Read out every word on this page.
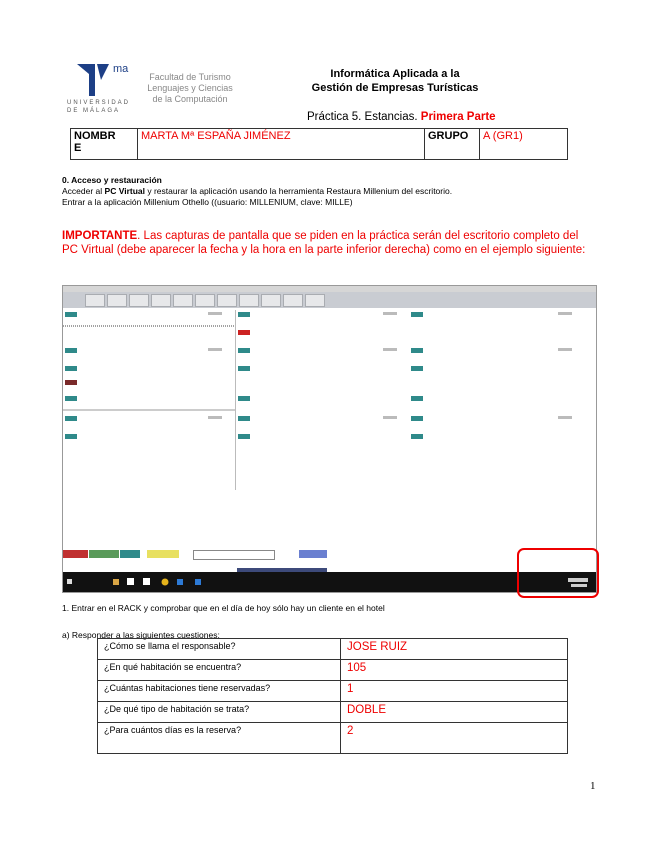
ma
UNIVERSIDAD
DE MÁLAGA
Facultad de Turismo
Lenguajes y Ciencias
de la Computación
Informática Aplicada a la
Gestión de Empresas Turísticas
Práctica 5. Estancias. Primera Parte
NOMBR
E
	MARTA Mª ESPAÑA JIMÉNEZ	GRUPO	A (GR1)
0. Acceso y restauración
Acceder al PC Virtual y restaurar la aplicación usando la herramienta Restaura Millenium del escritorio.
Entrar a la aplicación Millenium Othello ((usuario: MILLENIUM, clave: MILLE)
IMPORTANTE. Las capturas de pantalla que se piden en la práctica serán del escritorio completo del PC Virtual (debe aparecer la fecha y la hora en la parte inferior derecha) como en el ejemplo siguiente:
1. Entrar en el RACK y comprobar que en el día de hoy sólo hay un cliente en el hotel
a) Responder a las siguientes cuestiones:
¿Cómo se llama el responsable?	JOSE RUIZ
¿En qué habitación se encuentra?	105
¿Cuántas habitaciones tiene reservadas?	1
¿De qué tipo de habitación se trata?	DOBLE
¿Para cuántos días es la reserva?	2
1
